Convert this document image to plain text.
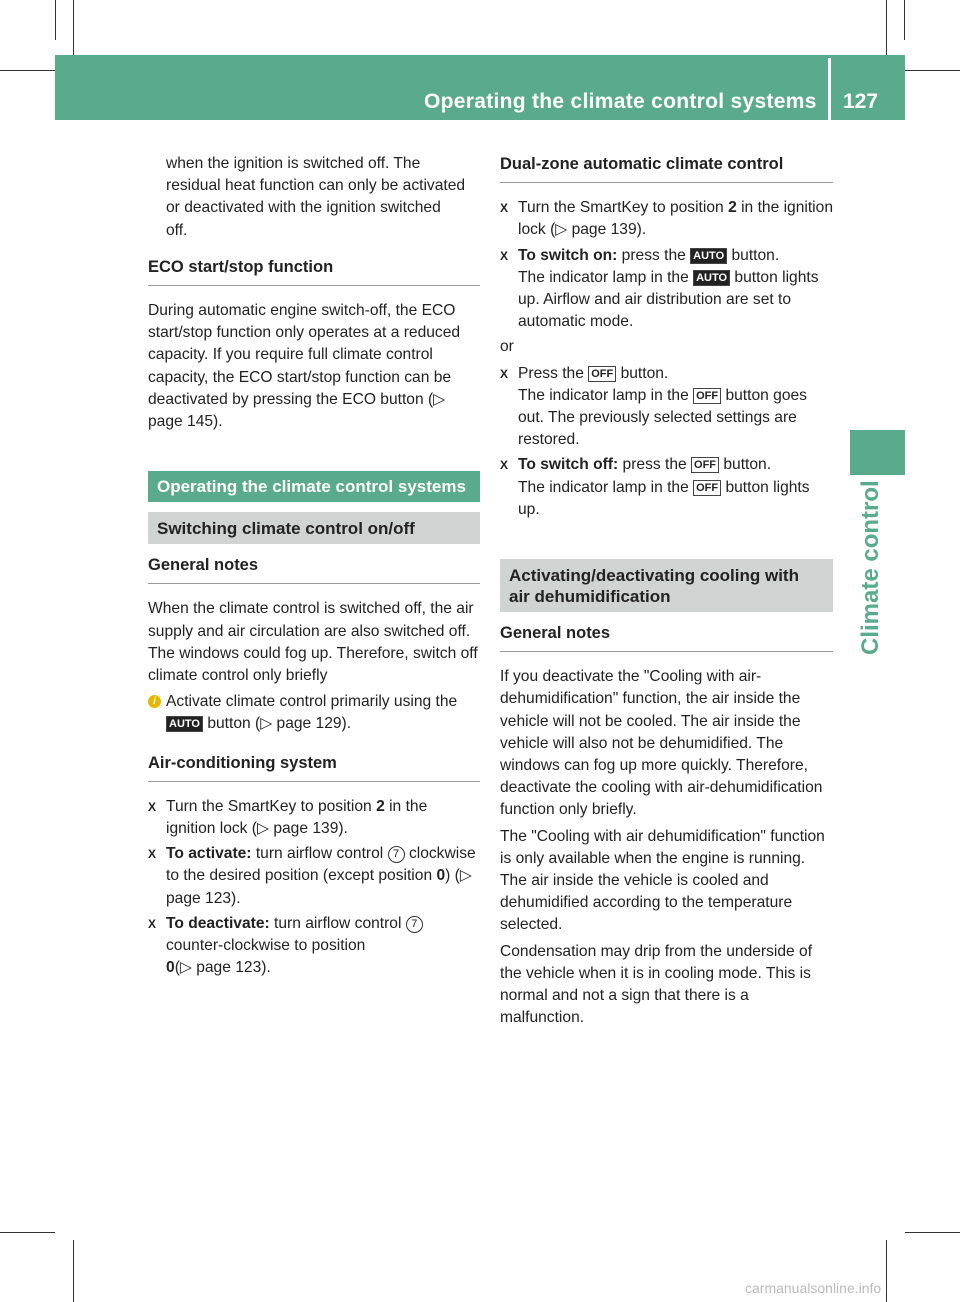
Operating the climate control systems 127
Climate control

when the ignition is switched off. The
residual heat function can only be activated
or deactivated with the ignition switched
off.

ECO start/stop function

During automatic engine switch-off, the ECO start/stop function only operates at a reduced capacity. If you require full climate control capacity, the ECO start/stop function can be deactivated by pressing the ECO button (▷ page 145).

Operating the climate control systems
Switching climate control on/off
General notes

When the climate control is switched off, the air supply and air circulation are also switched off. The windows could fog up. Therefore, switch off climate control only briefly

i Activate climate control primarily using the AUTO button (▷ page 129).
Air-conditioning system
X Turn the SmartKey to position 2 in the ignition lock (▷ page 139).
X To activate: turn airflow control 7 clockwise to the desired position (except position 0) (▷ page 123).
X To deactivate: turn airflow control 7 counter-clockwise to position
0(▷ page 123).
Dual-zone automatic climate control
X Turn the SmartKey to position 2 in the ignition lock (▷ page 139).
X To switch on: press the AUTO button.
The indicator lamp in the AUTO button lights up. Airflow and air distribution are set to automatic mode.

or

X Press the OFF button.
The indicator lamp in the OFF button goes out. The previously selected settings are restored.
X To switch off: press the OFF button.
The indicator lamp in the OFF button lights up.
Activating/deactivating cooling with air dehumidification
General notes

If you deactivate the "Cooling with air-dehumidification" function, the air inside the vehicle will not be cooled. The air inside the vehicle will also not be dehumidified. The windows can fog up more quickly. Therefore, deactivate the cooling with air-dehumidification function only briefly.

The "Cooling with air dehumidification" function is only available when the engine is running. The air inside the vehicle is cooled and dehumidified according to the temperature selected.

Condensation may drip from the underside of the vehicle when it is in cooling mode. This is normal and not a sign that there is a malfunction.

carmanualsonline.info
